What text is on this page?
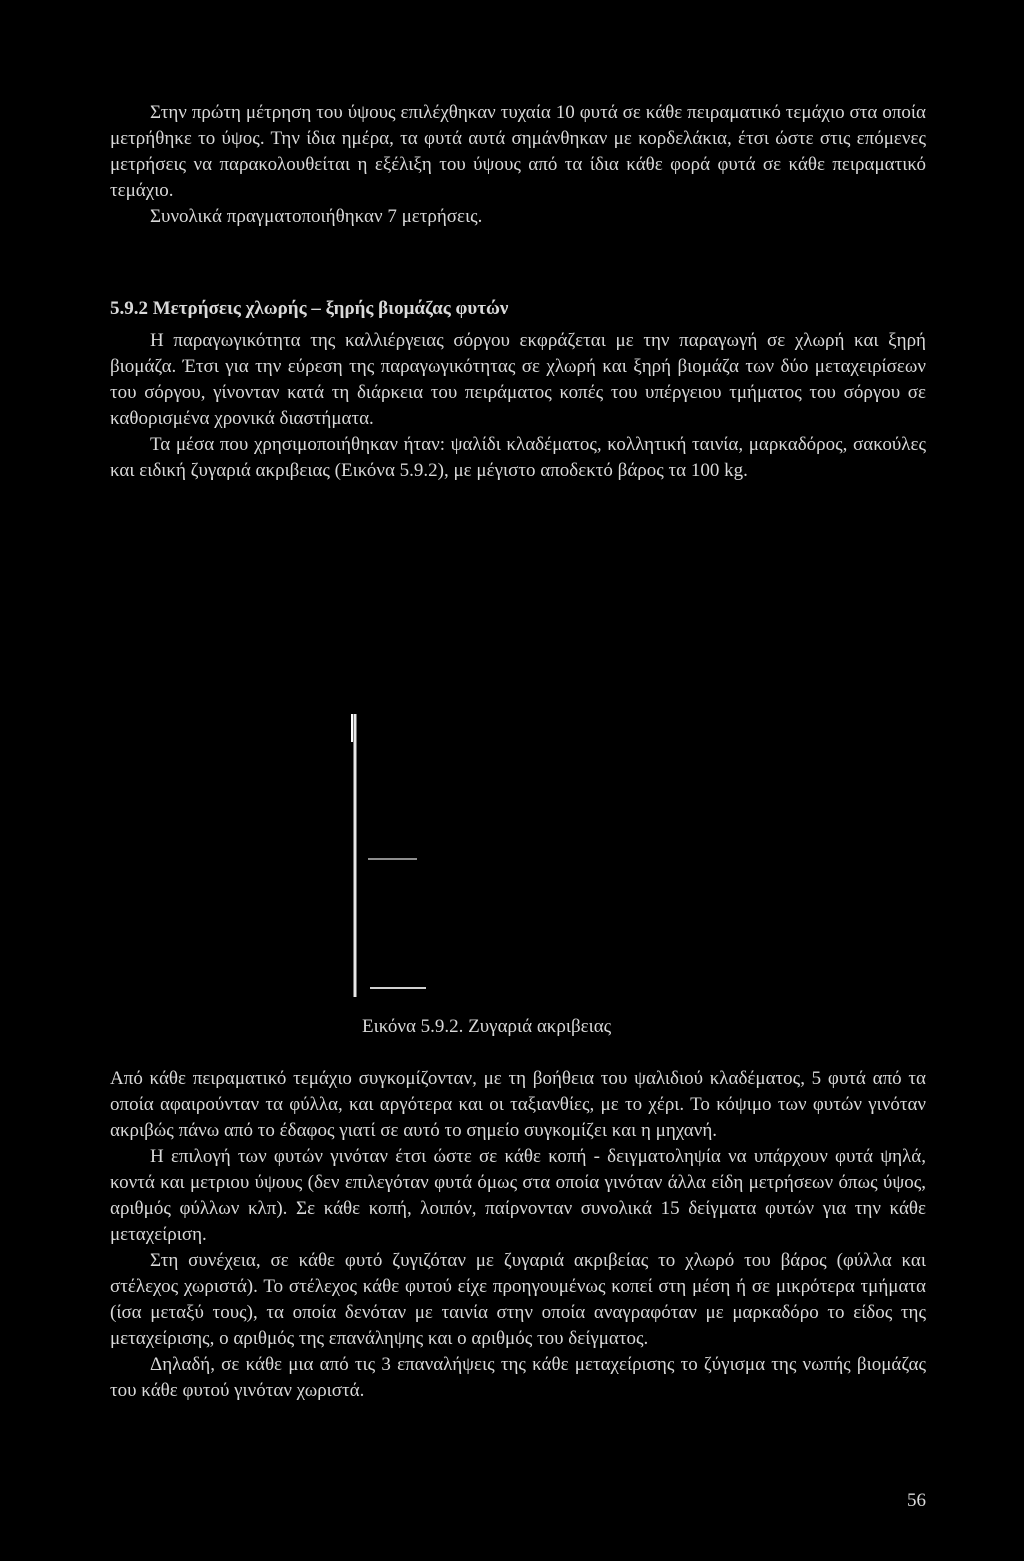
Στην πρώτη μέτρηση του ύψους επιλέχθηκαν τυχαία 10 φυτά σε κάθε πειραματικό τεμάχιο στα οποία μετρήθηκε το ύψος. Την ίδια ημέρα, τα φυτά αυτά σημάνθηκαν με κορδελάκια, έτσι ώστε στις επόμενες μετρήσεις να παρακολουθείται η εξέλιξη του ύψους από τα ίδια κάθε φορά φυτά σε κάθε πειραματικό τεμάχιο.

Συνολικά πραγματοποιήθηκαν 7 μετρήσεις.

5.9.2 Μετρήσεις χλωρής – ξηρής βιομάζας φυτών

Η παραγωγικότητα της καλλιέργειας σόργου εκφράζεται με την παραγωγή σε χλωρή και ξηρή βιομάζα. Έτσι για την εύρεση της παραγωγικότητας σε χλωρή και ξηρή βιομάζα των δύο μεταχειρίσεων του σόργου, γίνονταν κατά τη διάρκεια του πειράματος κοπές του υπέργειου τμήματος του σόργου σε καθορισμένα χρονικά διαστήματα.

Τα μέσα που χρησιμοποιήθηκαν ήταν: ψαλίδι κλαδέματος, κολλητική ταινία, μαρκαδόρος, σακούλες και ειδική ζυγαριά ακριβειας (Εικόνα 5.9.2), με μέγιστο αποδεκτό βάρος τα 100 kg.

Εικόνα 5.9.2. Ζυγαριά ακριβειας

Από κάθε πειραματικό τεμάχιο συγκομίζονταν, με τη βοήθεια του ψαλιδιού κλαδέματος, 5 φυτά από τα οποία αφαιρούνταν τα φύλλα, και αργότερα και οι ταξιανθίες, με το χέρι. Το κόψιμο των φυτών γινόταν ακριβώς πάνω από το έδαφος γιατί σε αυτό το σημείο συγκομίζει και η μηχανή.

Η επιλογή των φυτών γινόταν έτσι ώστε σε κάθε κοπή - δειγματοληψία να υπάρχουν φυτά ψηλά, κοντά και μετριου ύψους (δεν επιλεγόταν φυτά όμως στα οποία γινόταν άλλα είδη μετρήσεων όπως ύψος, αριθμός φύλλων κλπ). Σε κάθε κοπή, λοιπόν, παίρνονταν συνολικά 15 δείγματα φυτών για την κάθε μεταχείριση.

Στη συνέχεια, σε κάθε φυτό ζυγιζόταν με ζυγαριά ακριβείας το χλωρό του βάρος (φύλλα και στέλεχος χωριστά). Το στέλεχος κάθε φυτού είχε προηγουμένως κοπεί στη μέση ή σε μικρότερα τμήματα (ίσα μεταξύ τους), τα οποία δενόταν με ταινία στην οποία αναγραφόταν με μαρκαδόρο το είδος της μεταχείρισης, ο αριθμός της επανάληψης και ο αριθμός του δείγματος.

Δηλαδή, σε κάθε μια από τις 3 επαναλήψεις της κάθε μεταχείρισης το ζύγισμα της νωπής βιομάζας του κάθε φυτού γινόταν χωριστά.

56
